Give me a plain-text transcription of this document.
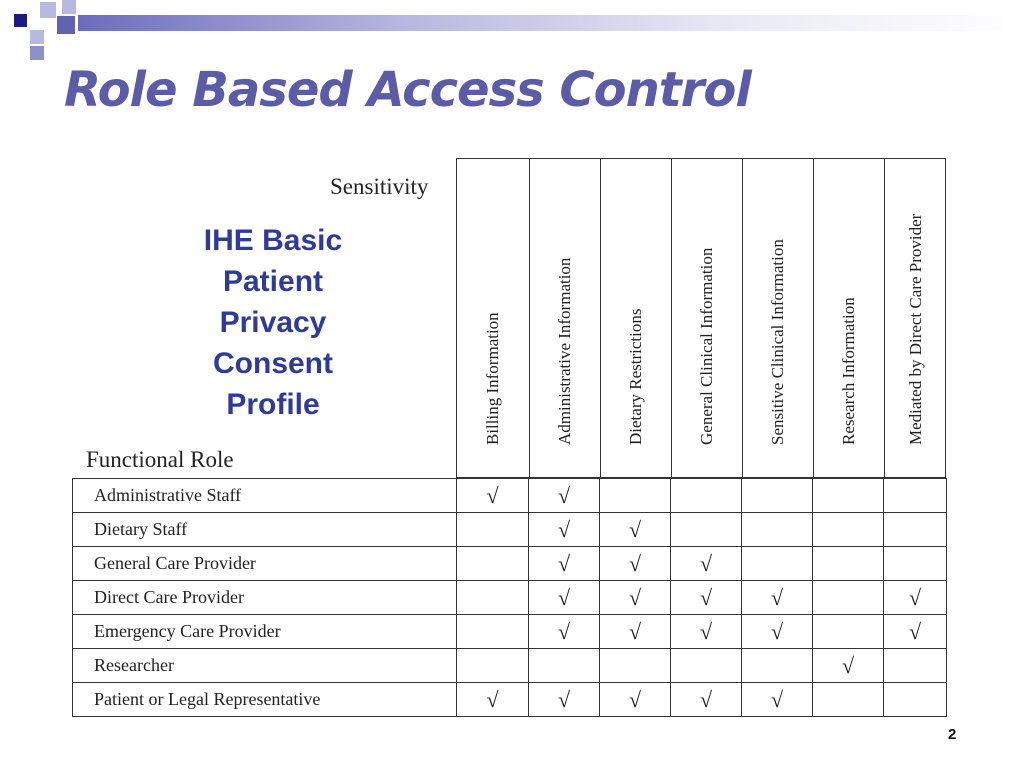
Role Based Access Control
IHE Basic
Patient
Privacy
Consent
Profile
Sensitivity
Functional Role
Billing Information	Administrative Information	Dietary Restrictions	General Clinical Information	Sensitive Clinical Information	Research Information	Mediated by Direct Care Provider
Administrative Staff	√	√					
Dietary Staff		√	√				
General Care Provider		√	√	√			
Direct Care Provider		√	√	√	√		√
Emergency Care Provider		√	√	√	√		√
Researcher						√	
Patient or Legal Representative	√	√	√	√	√		
2
